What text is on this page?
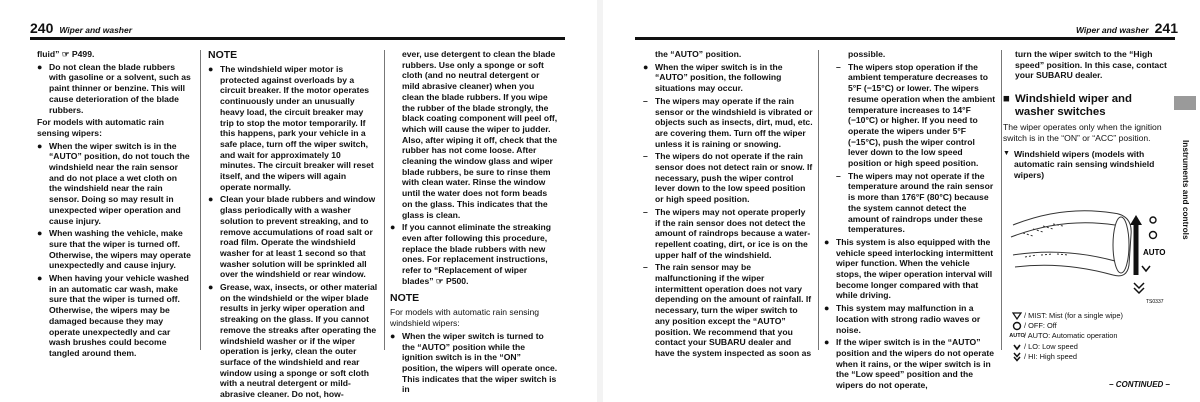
240 Wiper and washer

fluid” ☞ P499.

● Do not clean the blade rubbers with gasoline or a solvent, such as paint thinner or benzine. This will cause deterioration of the blade rubbers.

For models with automatic rain sensing wipers:

● When the wiper switch is in the “AUTO” position, do not touch the windshield near the rain sensor and do not place a wet cloth on the windshield near the rain sensor. Doing so may result in unexpected wiper operation and cause injury.
● When washing the vehicle, make sure that the wiper is turned off. Otherwise, the wipers may operate unexpectedly and cause injury.
● When having your vehicle washed in an automatic car wash, make sure that the wiper is turned off. Otherwise, the wipers may be damaged because they may operate unexpectedly and car wash brushes could become tangled around them.
NOTE
● The windshield wiper motor is protected against overloads by a circuit breaker. If the motor operates continuously under an unusually heavy load, the circuit breaker may trip to stop the motor temporarily. If this happens, park your vehicle in a safe place, turn off the wiper switch, and wait for approximately 10 minutes. The circuit breaker will reset itself, and the wipers will again operate normally.
● Clean your blade rubbers and window glass periodically with a washer solution to prevent streaking, and to remove accumulations of road salt or road film. Operate the windshield washer for at least 1 second so that washer solution will be sprinkled all over the windshield or rear window.
● Grease, wax, insects, or other material on the windshield or the wiper blade results in jerky wiper operation and streaking on the glass. If you cannot remove the streaks after operating the windshield washer or if the wiper operation is jerky, clean the outer surface of the windshield and rear window using a sponge or soft cloth with a neutral detergent or mild-abrasive cleaner. Do not, how-

ever, use detergent to clean the blade rubbers. Use only a sponge or soft cloth (and no neutral detergent or mild abrasive cleaner) when you clean the blade rubbers. If you wipe the rubber of the blade strongly, the black coating component will peel off, which will cause the wiper to judder. Also, after wiping it off, check that the rubber has not come loose. After cleaning the window glass and wiper blade rubbers, be sure to rinse them with clean water. Rinse the window until the water does not form beads on the glass. This indicates that the glass is clean.

● If you cannot eliminate the streaking even after following this procedure, replace the blade rubbers with new ones. For replacement instructions, refer to “Replacement of wiper blades” ☞ P500.
NOTE

For models with automatic rain sensing windshield wipers:

● When the wiper switch is turned to the “AUTO” position while the ignition switch is in the “ON” position, the wipers will operate once. This indicates that the wiper switch is in
Wiper and washer 241

the “AUTO” position.

● When the wiper switch is in the “AUTO” position, the following situations may occur.
– The wipers may operate if the rain sensor or the windshield is vibrated or objects such as insects, dirt, mud, etc. are covering them. Turn off the wiper unless it is raining or snowing.
– The wipers do not operate if the rain sensor does not detect rain or snow. If necessary, push the wiper control lever down to the low speed position or high speed position.
– The wipers may not operate properly if the rain sensor does not detect the amount of raindrops because a water-repellent coating, dirt, or ice is on the upper half of the windshield.
– The rain sensor may be malfunctioning if the wiper intermittent operation does not vary depending on the amount of rainfall. If necessary, turn the wiper switch to any position except the “AUTO” position. We recommend that you contact your SUBARU dealer and have the system inspected as soon as

possible.

– The wipers stop operation if the ambient temperature decreases to 5°F (−15°C) or lower. The wipers resume operation when the ambient temperature increases to 14°F (−10°C) or higher. If you need to operate the wipers under 5°F (−15°C), push the wiper control lever down to the low speed position or high speed position.
– The wipers may not operate if the temperature around the rain sensor is more than 176°F (80°C) because the system cannot detect the amount of raindrops under these temperatures.
● This system is also equipped with the vehicle speed interlocking intermittent wiper function. When the vehicle stops, the wiper operation interval will become longer compared with that while driving.
● This system may malfunction in a location with strong radio waves or noise.
● If the wiper switch is in the “AUTO” position and the wipers do not operate when it rains, or the wiper switch is in the “Low speed” position and the wipers do not operate,

turn the wiper switch to the “High speed” position. In this case, contact your SUBARU dealer.

■ Windshield wiper and washer switches

The wiper operates only when the ignition switch is in the “ON” or “ACC” position.

▼ Windshield wipers (models with automatic rain sensing windshield wipers)	Instruments and controls
– CONTINUED –
AUTO
TS0337
/ MIST: Mist (for a single wipe)
/ OFF: Off
AUTO / AUTO: Automatic operation
/ LO: Low speed
/ HI: High speed
